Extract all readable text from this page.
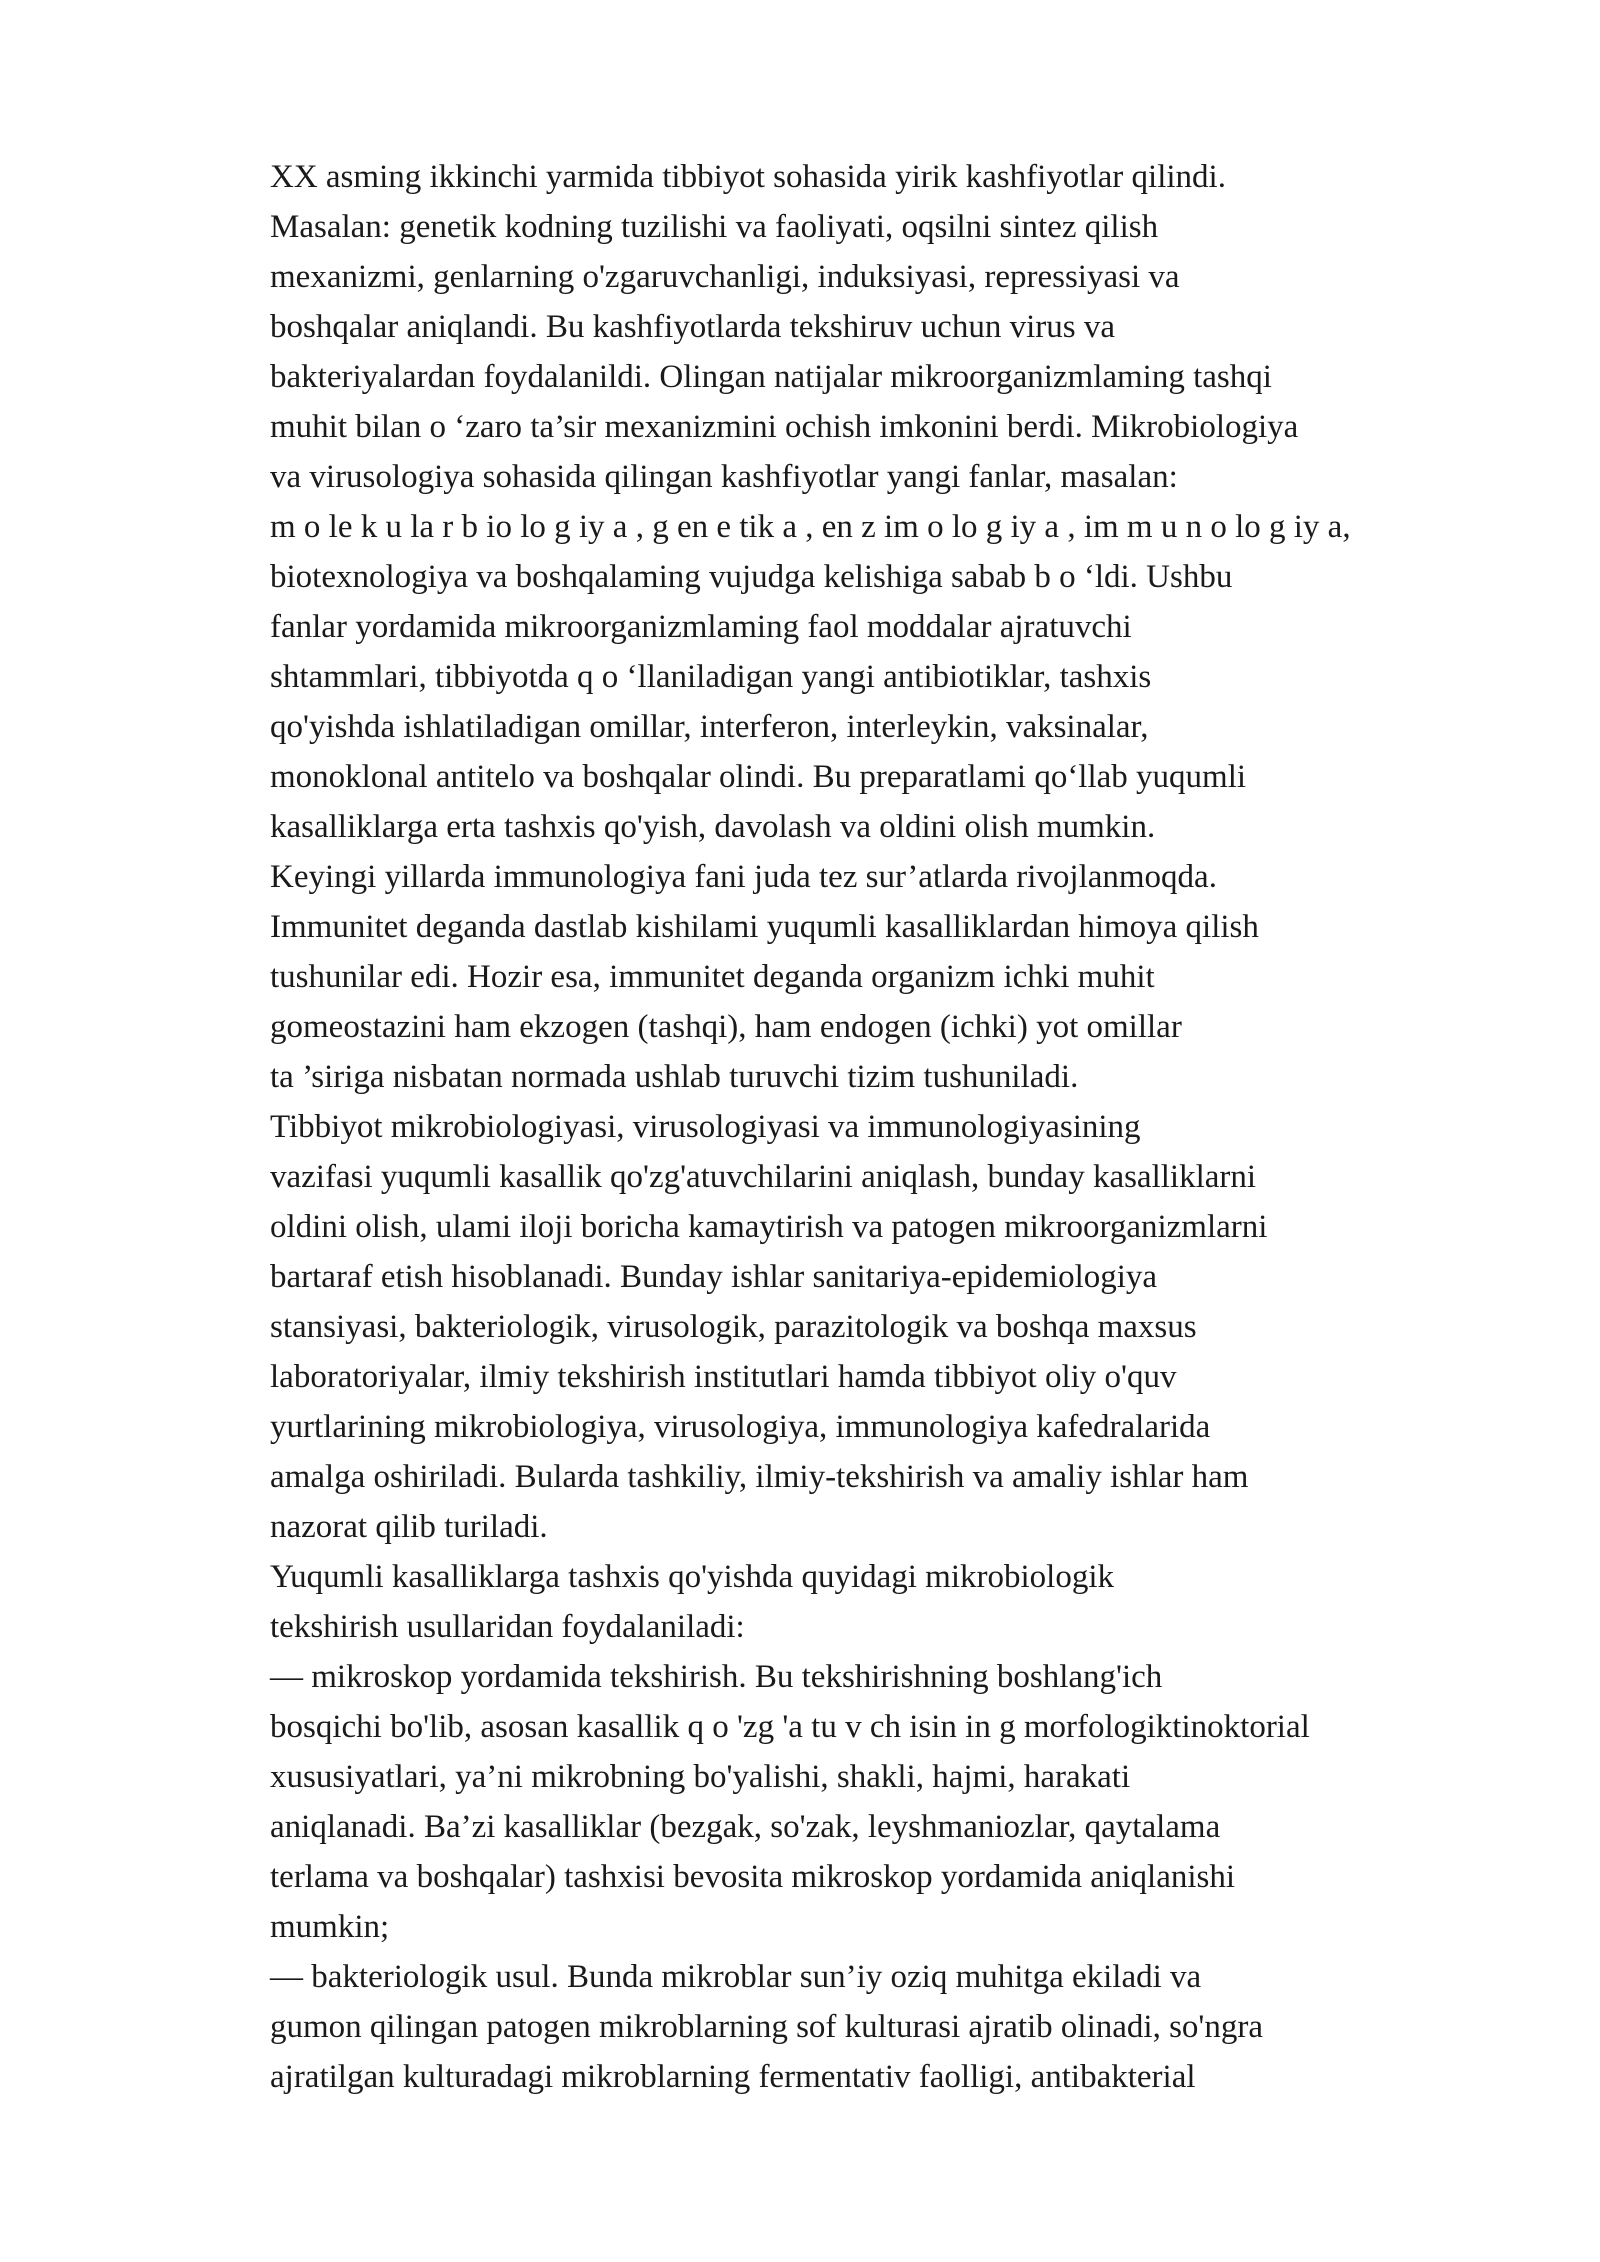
XX asming ikkinchi yarmida tibbiyot sohasida yirik kashfiyotlar qilindi.
Masalan: genetik kodning tuzilishi va faoliyati, oqsilni sintez qilish
mexanizmi, genlarning o'zgaruvchanligi, induksiyasi, repressiyasi va
boshqalar aniqlandi. Bu kashfiyotlarda tekshiruv uchun virus va
bakteriyalardan foydalanildi. Olingan natijalar mikroorganizmlaming tashqi
muhit bilan o ‘zaro ta’sir mexanizmini ochish imkonini berdi. Mikrobiologiya
va virusologiya sohasida qilingan kashfiyotlar yangi fanlar, masalan:
m o le k u la r b io lo g iy a , g en e tik a , en z im o lo g iy a , im m u n o lo g iy a,
biotexnologiya va boshqalaming vujudga kelishiga sabab b o ‘ldi. Ushbu
fanlar yordamida mikroorganizmlaming faol moddalar ajratuvchi
shtammlari, tibbiyotda q o ‘llaniladigan yangi antibiotiklar, tashxis
qo'yishda ishlatiladigan omillar, interferon, interleykin, vaksinalar,
monoklonal antitelo va boshqalar olindi. Bu preparatlami qo‘llab yuqumli
kasalliklarga erta tashxis qo'yish, davolash va oldini olish mumkin.
Keyingi yillarda immunologiya fani juda tez sur’atlarda rivojlanmoqda.
Immunitet deganda dastlab kishilami yuqumli kasalliklardan himoya qilish
tushunilar edi. Hozir esa, immunitet deganda organizm ichki muhit
gomeostazini ham ekzogen (tashqi), ham endogen (ichki) yot omillar
ta ’siriga nisbatan normada ushlab turuvchi tizim tushuniladi.
Tibbiyot mikrobiologiyasi, virusologiyasi va immunologiyasining
vazifasi yuqumli kasallik qo'zg'atuvchilarini aniqlash, bunday kasalliklarni
oldini olish, ulami iloji boricha kamaytirish va patogen mikroorganizmlarni
bartaraf etish hisoblanadi. Bunday ishlar sanitariya-epidemiologiya
stansiyasi, bakteriologik, virusologik, parazitologik va boshqa maxsus
laboratoriyalar, ilmiy tekshirish institutlari hamda tibbiyot oliy o'quv
yurtlarining mikrobiologiya, virusologiya, immunologiya kafedralarida
amalga oshiriladi. Bularda tashkiliy, ilmiy-tekshirish va amaliy ishlar ham
nazorat qilib turiladi.
Yuqumli kasalliklarga tashxis qo'yishda quyidagi mikrobiologik
tekshirish usullaridan foydalaniladi:
— mikroskop yordamida tekshirish. Bu tekshirishning boshlang'ich
bosqichi bo'lib, asosan kasallik q o 'zg 'a tu v ch isin in g morfologiktinoktorial
xususiyatlari, ya’ni mikrobning bo'yalishi, shakli, hajmi, harakati
aniqlanadi. Ba’zi kasalliklar (bezgak, so'zak, leyshmaniozlar, qaytalama
terlama va boshqalar) tashxisi bevosita mikroskop yordamida aniqlanishi
mumkin;
— bakteriologik usul. Bunda mikroblar sun’iy oziq muhitga ekiladi va
gumon qilingan patogen mikroblarning sof kulturasi ajratib olinadi, so'ngra
ajratilgan kulturadagi mikroblarning fermentativ faolligi, antibakterial
